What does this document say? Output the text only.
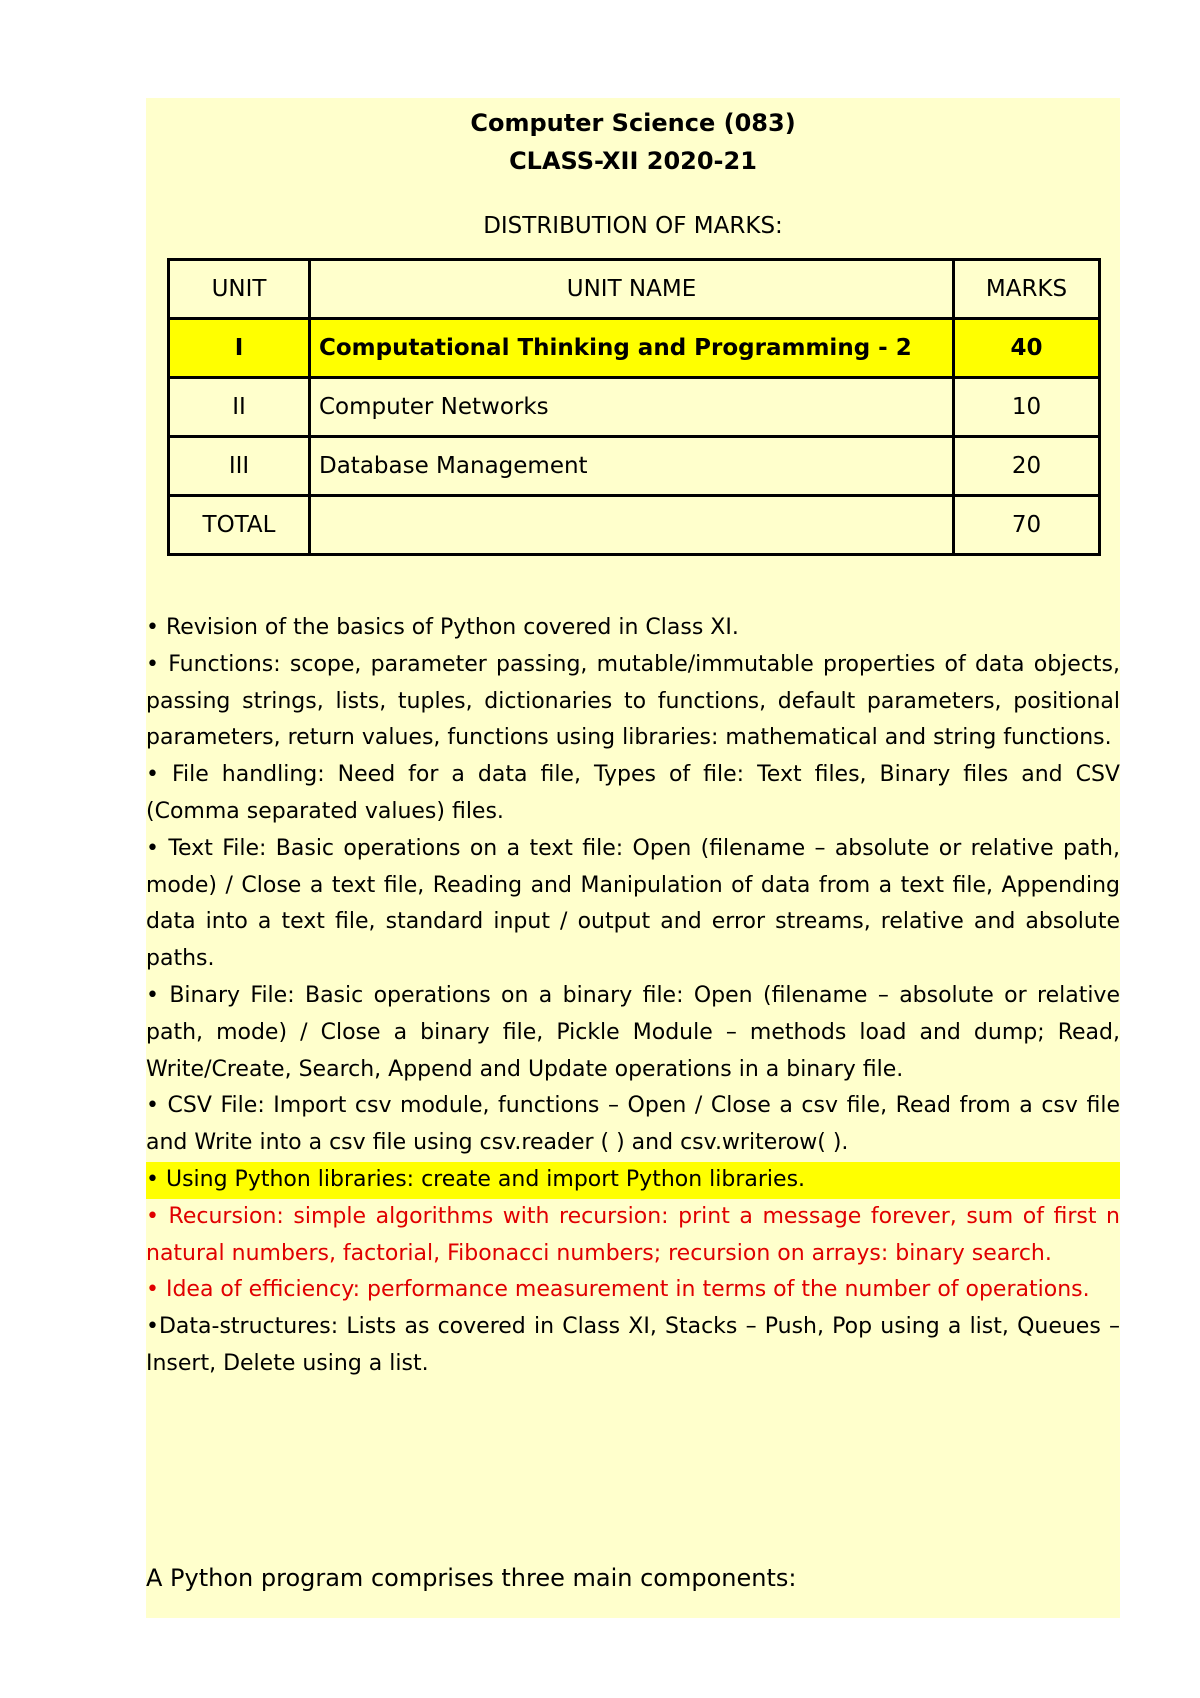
Computer Science (083)
CLASS-XII 2020-21
DISTRIBUTION OF MARKS:
UNIT	UNIT NAME	MARKS
I	Computational Thinking and Programming - 2	40
II	Computer Networks	10
III	Database Management	20
TOTAL		70

• Revision of the basics of Python covered in Class XI.

• Functions: scope, parameter passing, mutable/immutable properties of data objects, passing strings, lists, tuples, dictionaries to functions, default parameters, positional parameters, return values, functions using libraries: mathematical and string functions.

• File handling: Need for a data file, Types of file: Text files, Binary files and CSV (Comma separated values) files.

• Text File: Basic operations on a text file: Open (filename – absolute or relative path, mode) / Close a text file, Reading and Manipulation of data from a text file, Appending data into a text file, standard input / output and error streams, relative and absolute paths.

• Binary File: Basic operations on a binary file: Open (filename – absolute or relative path, mode) / Close a binary file, Pickle Module – methods load and dump; Read, Write/Create, Search, Append and Update operations in a binary file.

• CSV File: Import csv module, functions – Open / Close a csv file, Read from a csv file and Write into a csv file using csv.reader ( ) and csv.writerow( ).

• Using Python libraries: create and import Python libraries.

• Recursion: simple algorithms with recursion: print a message forever, sum of first n natural numbers, factorial, Fibonacci numbers; recursion on arrays: binary search.

• Idea of efficiency: performance measurement in terms of the number of operations.

•Data-structures: Lists as covered in Class XI, Stacks – Push, Pop using a list, Queues – Insert, Delete using a list.

A Python program comprises three main components:
